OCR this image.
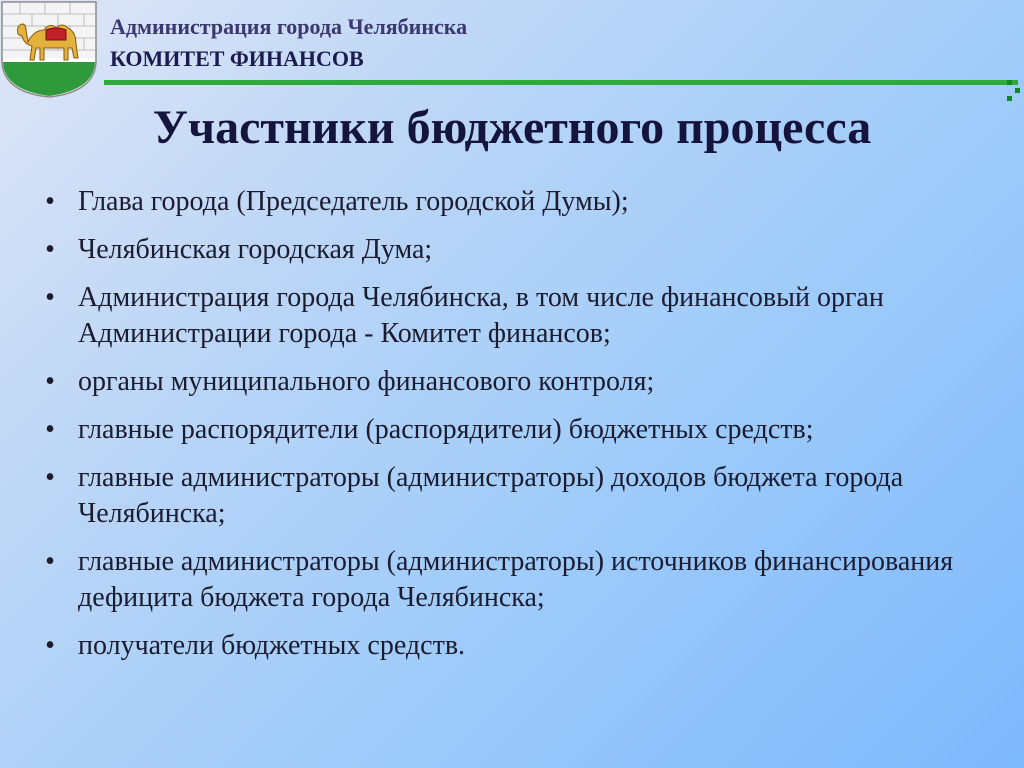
Администрация города Челябинска
КОМИТЕТ ФИНАНСОВ
Участники бюджетного процесса
• Глава города (Председатель городской Думы);
• Челябинская городская Дума;
• Администрация города Челябинска, в том числе финансовый орган Администрации города - Комитет финансов;
• органы муниципального финансового контроля;
• главные распорядители (распорядители) бюджетных средств;
• главные администраторы (администраторы) доходов бюджета города Челябинска;
• главные администраторы (администраторы) источников финансирования дефицита бюджета города Челябинска;
• получатели бюджетных средств.
